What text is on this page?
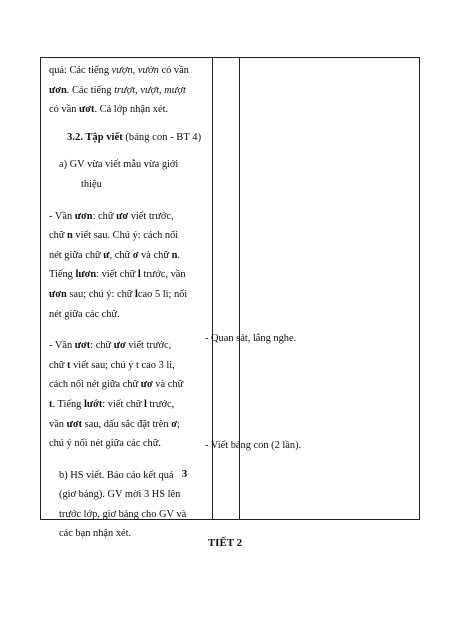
quả: Các tiếng vượn, vườn có vần
ươn. Các tiếng trượt, vượt, mượt
có vần ươt. Cả lớp nhận xét.

3.2. Tập viết (bảng con - BT 4)

a) GV vừa viết mẫu vừa giới
thiệu

- Vần ươn: chữ ươ viết trước,
chữ n viết sau. Chú ý: cách nối
nét giữa chữ ư, chữ ơ và chữ n.
Tiếng lươn: viết chữ l trước, vần
ươn sau; chú ý: chữ lcao 5 li; nối
nét giữa các chữ.

- Vần ươt: chữ ươ viết trước,
chữ t viết sau; chú ý t cao 3 li,
cách nối nét giữa chữ ươ và chữ
t. Tiếng lướt: viết chữ l trước,
vần ươt sau, dấu sắc đặt trên ơ;
chú ý nối nét giữa các chữ.

b) HS viết. Báo cáo kết quả
(giơ bảng). GV mời 3 HS lên
trước lớp, giơ bảng cho GV và
các bạn nhận xét.

3
- Quan sát, lắng nghe.
- Viết bảng con (2 lần).
TIẾT 2
